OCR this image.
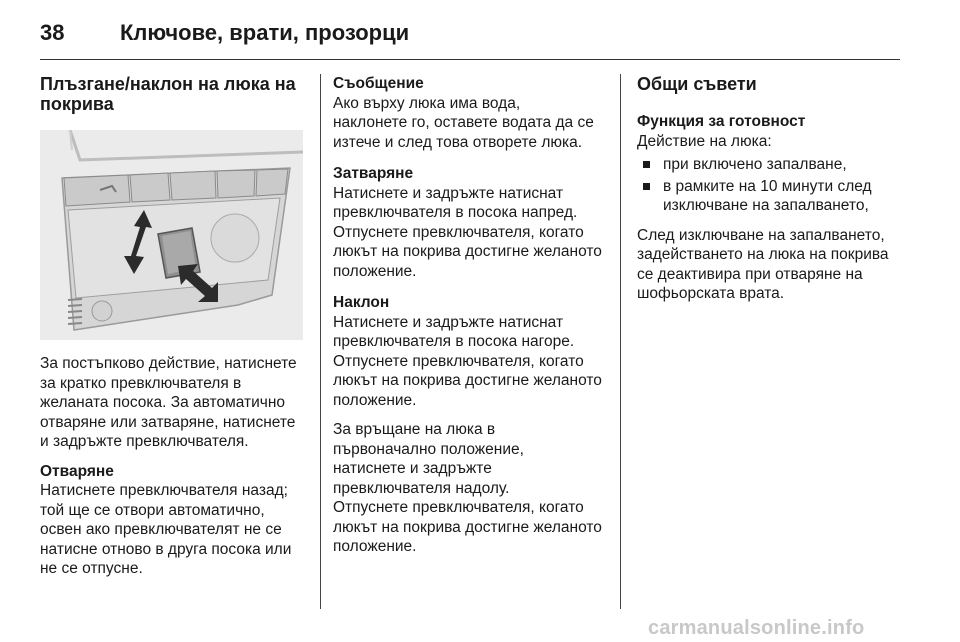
38	Ключове, врати, прозорци
Плъзгане/наклон на люка на покрива

За постъпково действие, натиснете за кратко превключвателя в желаната посока. За автоматично отваряне или затваряне, натиснете и задръжте превключвателя.

Отваряне

Натиснете превключвателя назад; той ще се отвори автоматично, освен ако превключвателят не се натисне отново в друга посока или не се отпусне.

Съобщение

Ако върху люка има вода,
наклонете го, оставете водата да се изтече и след това отворете люка.

Затваряне

Натиснете и задръжте натиснат превключвателя в посока напред. Отпуснете превключвателя, когато люкът на покрива достигне желаното положение.

Наклон

Натиснете и задръжте натиснат превключвателя в посока нагоре. Отпуснете превключвателя, когато люкът на покрива достигне желаното положение.

За връщане на люка в
първоначално положение,
натиснете и задръжте
превключвателя надолу.
Отпуснете превключвателя, когато люкът на покрива достигне желаното положение.

Общи съвети
Функция за готовност

Действие на люка:

при включено запалване,
в рамките на 10 минути след
изключване на запалването,

След изключване на запалването, задействането на люка на покрива се деактивира при отваряне на шофьорската врата.

carmanualsonline.info
